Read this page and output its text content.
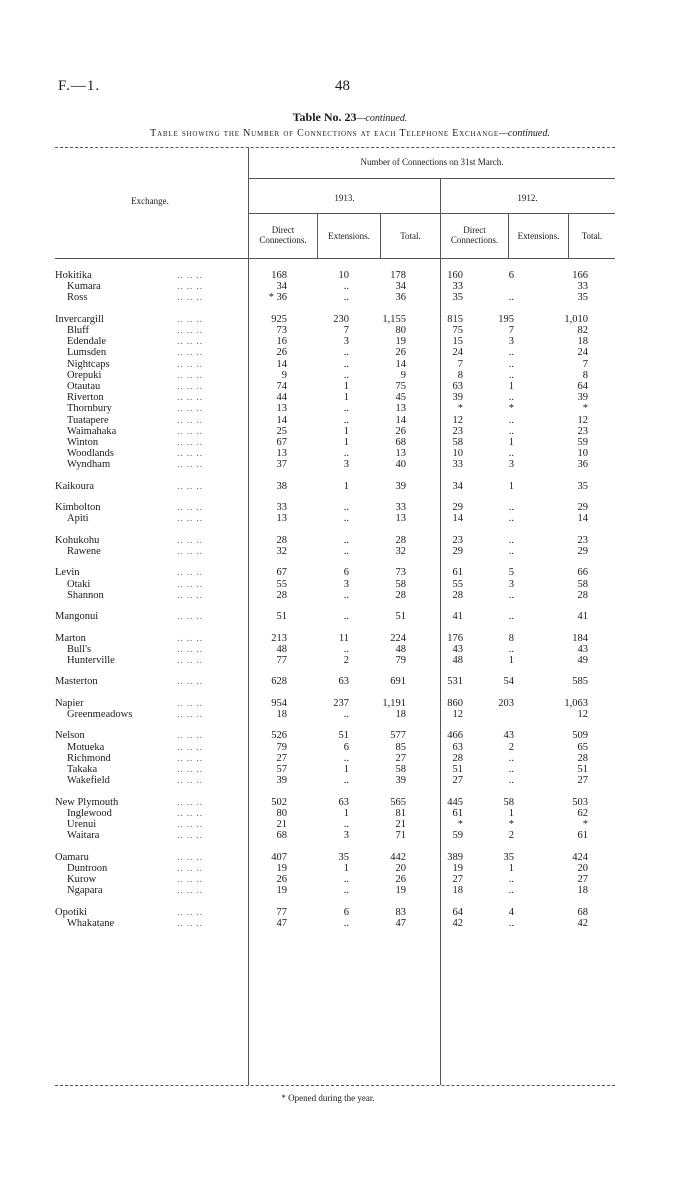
F.—1.	48
Table No. 23—continued.
Table showing the Number of Connections at each Telephone Exchange—continued.
Exchange.
Number of Connections on 31st March.
1913.	1912.
Direct
Connections.	Extensions.	Total.
Direct
Connections.	Extensions.	Total.
Hokitika	.. .. ..	168	10	178	160	6	166
Kumara	.. .. ..	34	..	34	33		33
Ross	.. .. ..	* 36	..	36	35	..	35

Invercargill	.. .. ..	925	230	1,155	815	195	1,010
Bluff	.. .. ..	73	7	80	75	7	82
Edendale	.. .. ..	16	3	19	15	3	18
Lumsden	.. .. ..	26	..	26	24	..	24
Nightcaps	.. .. ..	14	..	14	7	..	7
Orepuki	.. .. ..	9	..	9	8	..	8
Otautau	.. .. ..	74	1	75	63	1	64
Riverton	.. .. ..	44	1	45	39	..	39
Thornbury	.. .. ..	13	..	13	*	*	*
Tuatapere	.. .. ..	14	..	14	12	..	12
Waimahaka	.. .. ..	25	1	26	23	..	23
Winton	.. .. ..	67	1	68	58	1	59
Woodlands	.. .. ..	13	..	13	10	..	10
Wyndham	.. .. ..	37	3	40	33	3	36

Kaikoura	.. .. ..	38	1	39	34	1	35

Kimbolton	.. .. ..	33	..	33	29	..	29
Apiti	.. .. ..	13	..	13	14	..	14

Kohukohu	.. .. ..	28	..	28	23	..	23
Rawene	.. .. ..	32	..	32	29	..	29

Levin	.. .. ..	67	6	73	61	5	66
Otaki	.. .. ..	55	3	58	55	3	58
Shannon	.. .. ..	28	..	28	28	..	28

Mangonui	.. .. ..	51	..	51	41	..	41

Marton	.. .. ..	213	11	224	176	8	184
Bull's	.. .. ..	48	..	48	43	..	43
Hunterville	.. .. ..	77	2	79	48	1	49

Masterton	.. .. ..	628	63	691	531	54	585

Napier	.. .. ..	954	237	1,191	860	203	1,063
Greenmeadows	.. .. ..	18	..	18	12		12

Nelson	.. .. ..	526	51	577	466	43	509
Motueka	.. .. ..	79	6	85	63	2	65
Richmond	.. .. ..	27	..	27	28	..	28
Takaka	.. .. ..	57	1	58	51	..	51
Wakefield	.. .. ..	39	..	39	27	..	27

New Plymouth	.. .. ..	502	63	565	445	58	503
Inglewood	.. .. ..	80	1	81	61	1	62
Urenui	.. .. ..	21	..	21	*	*	*
Waitara	.. .. ..	68	3	71	59	2	61

Oamaru	.. .. ..	407	35	442	389	35	424
Duntroon	.. .. ..	19	1	20	19	1	20
Kurow	.. .. ..	26	..	26	27	..	27
Ngapara	.. .. ..	19	..	19	18	..	18

Opotiki	.. .. ..	77	6	83	64	4	68
Whakatane	.. .. ..	47	..	47	42	..	42
* Opened during the year.
